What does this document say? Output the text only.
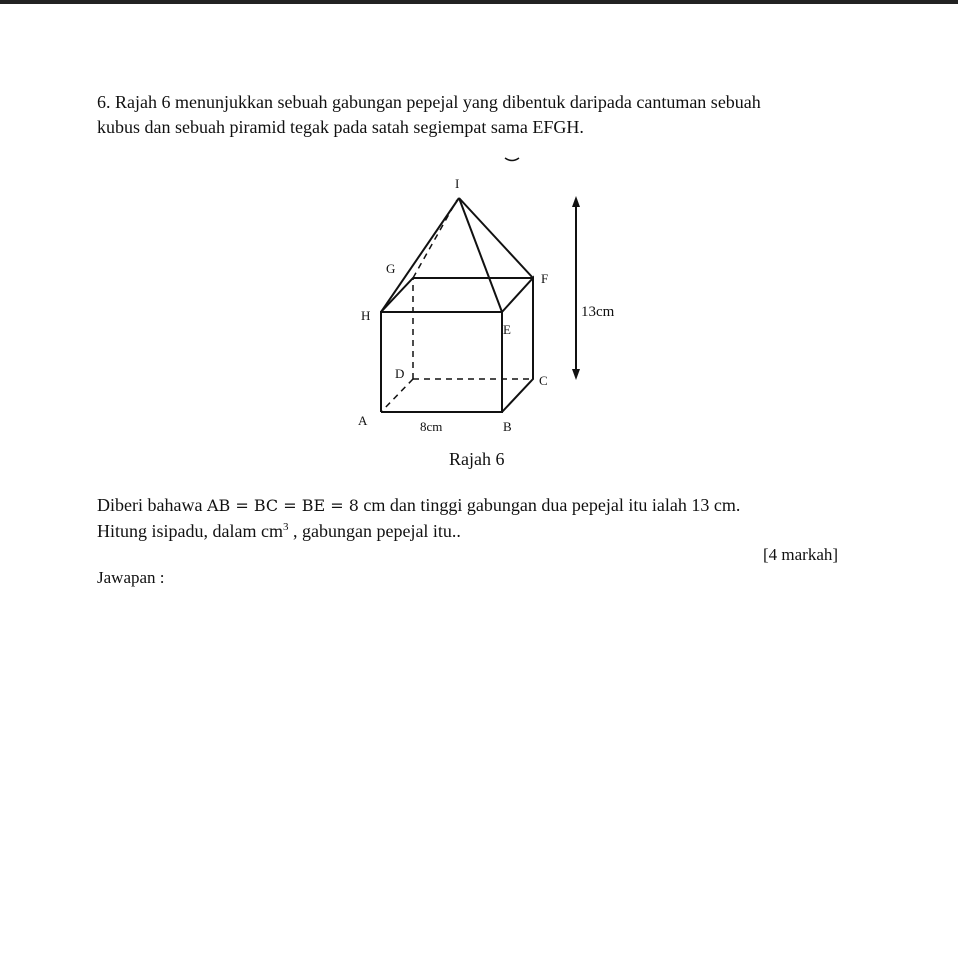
6. Rajah 6 menunjukkan sebuah gabungan pepejal yang dibentuk daripada cantuman sebuah
kubus dan sebuah piramid tegak pada satah segiempat sama EFGH.
I
G
F
H
E
D	C
A	B
8cm
13cm
Rajah 6
Diberi bahawa AB = BC = BE = 8 cm dan tinggi gabungan dua pepejal itu ialah 13 cm.
Hitung isipadu, dalam $cm^3$ , gabungan pepejal itu..
[4 markah]
Jawapan :
